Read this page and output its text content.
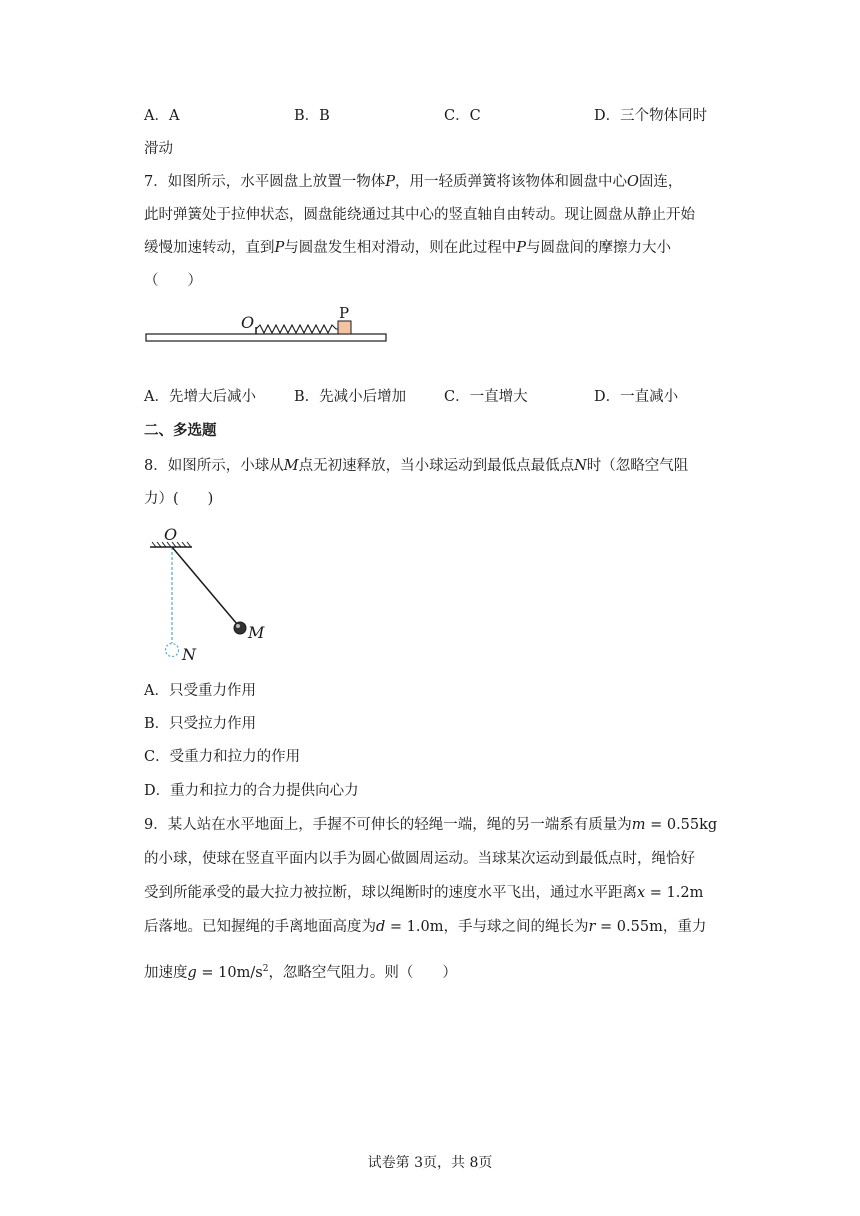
A．A	B．B	C．C	D．三个物体同时
滑动
7．如图所示，水平圆盘上放置一物体P，用一轻质弹簧将该物体和圆盘中心O固连，
此时弹簧处于拉伸状态，圆盘能绕通过其中心的竖直轴自由转动。现让圆盘从静止开始
缓慢加速转动，直到P与圆盘发生相对滑动，则在此过程中P与圆盘间的摩擦力大小
（　　）
O	P
A．先增大后减小	B．先减小后增加	C．一直增大	D．一直减小
二、多选题
8．如图所示，小球从M点无初速释放，当小球运动到最低点最低点N时（忽略空气阻
力）(　　)
O
M
N
A．只受重力作用
B．只受拉力作用
C．受重力和拉力的作用
D．重力和拉力的合力提供向心力
9．某人站在水平地面上，手握不可伸长的轻绳一端，绳的另一端系有质量为m = 0.55kg
的小球，使球在竖直平面内以手为圆心做圆周运动。当球某次运动到最低点时，绳恰好
受到所能承受的最大拉力被拉断，球以绳断时的速度水平飞出，通过水平距离x = 1.2m
后落地。已知握绳的手离地面高度为d = 1.0m，手与球之间的绳长为r = 0.55m，重力
加速度$g = 10m/s^2$，忽略空气阻力。则（　　）
试卷第 3页，共 8页
